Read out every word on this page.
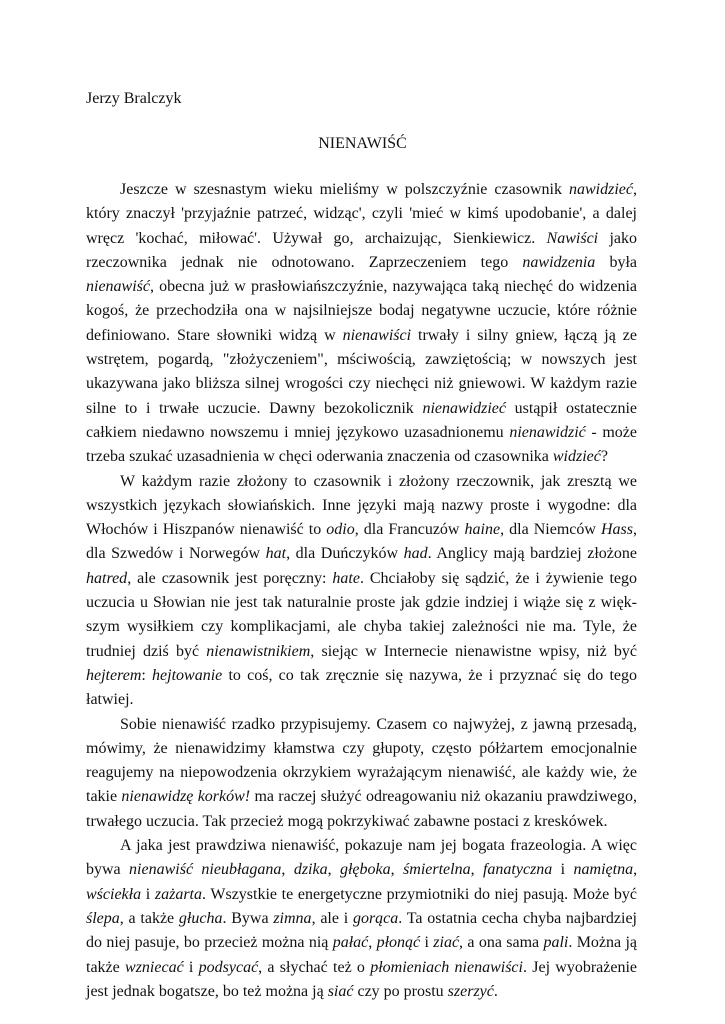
Jerzy Bralczyk

NIENAWIŚĆ

Jeszcze w szesnastym wieku mieliśmy w polszczyźnie czasownik nawidzieć, który znaczył 'przyjaźnie patrzeć, widząc', czyli 'mieć w kimś upodobanie', a dalej wręcz 'kochać, miłować'. Używał go, archaizując, Sienkiewicz. Nawiści jako rzeczownika jednak nie odnotowano. Zaprzeczeniem tego nawidzenia była nienawiść, obecna już w prasłowiańszczyźnie, nazywająca taką niechęć do widzenia kogoś, że przechodziła ona w najsilniejsze bodaj negatywne uczucie, które różnie definiowano. Stare słowniki widzą w nienawiści trwały i silny gniew, łączą ją ze wstrętem, pogardą, "złożyczeniem", mściwością, zawziętością; w nowszych jest ukazywana jako bliższa silnej wrogości czy niechęci niż gniewowi. W każdym razie silne to i trwałe uczucie. Dawny bezokolicznik nienawidzieć ustąpił ostatecznie całkiem niedawno nowszemu i mniej językowo uzasadnionemu nienawidzić - może trzeba szukać uzasadnienia w chęci oderwania znaczenia od czasownika widzieć?

W każdym razie złożony to czasownik i złożony rzeczownik, jak zresztą we wszystkich językach słowiańskich. Inne języki mają nazwy proste i wygodne: dla Włochów i Hiszpanów nienawiść to odio, dla Francuzów haine, dla Niemców Hass, dla Szwedów i Norwegów hat, dla Duńczyków had. Anglicy mają bardziej złożone hatred, ale czasownik jest poręczny: hate. Chciałoby się sądzić, że i żywienie tego uczucia u Słowian nie jest tak naturalnie proste jak gdzie indziej i wiąże się z większym wysiłkiem czy komplikacjami, ale chyba takiej zależności nie ma. Tyle, że trudniej dziś być nienawistnikiem, siejąc w Internecie nienawistne wpisy, niż być hejterem: hejtowanie to coś, co tak zręcznie się nazywa, że i przyznać się do tego łatwiej.

Sobie nienawiść rzadko przypisujemy. Czasem co najwyżej, z jawną przesadą, mówimy, że nienawidzimy kłamstwa czy głupoty, często półżartem emocjonalnie reagujemy na niepowodzenia okrzykiem wyrażającym nienawiść, ale każdy wie, że takie nienawidzę korków! ma raczej służyć odreagowaniu niż okazaniu prawdziwego, trwałego uczucia. Tak przecież mogą pokrzykiwać zabawne postaci z kreskówek.

A jaka jest prawdziwa nienawiść, pokazuje nam jej bogata frazeologia. A więc bywa nienawiść nieubłagana, dzika, głęboka, śmiertelna, fanatyczna i namiętna, wściekła i zażarta. Wszystkie te energetyczne przymiotniki do niej pasują. Może być ślepa, a także głucha. Bywa zimna, ale i gorąca. Ta ostatnia cecha chyba najbardziej do niej pasuje, bo przecież można nią pałać, płonąć i ziać, a ona sama pali. Można ją także wzniecać i podsycać, a słychać też o płomieniach nienawiści. Jej wyobrażenie jest jednak bogatsze, bo też można ją siać czy po prostu szerzyć.
